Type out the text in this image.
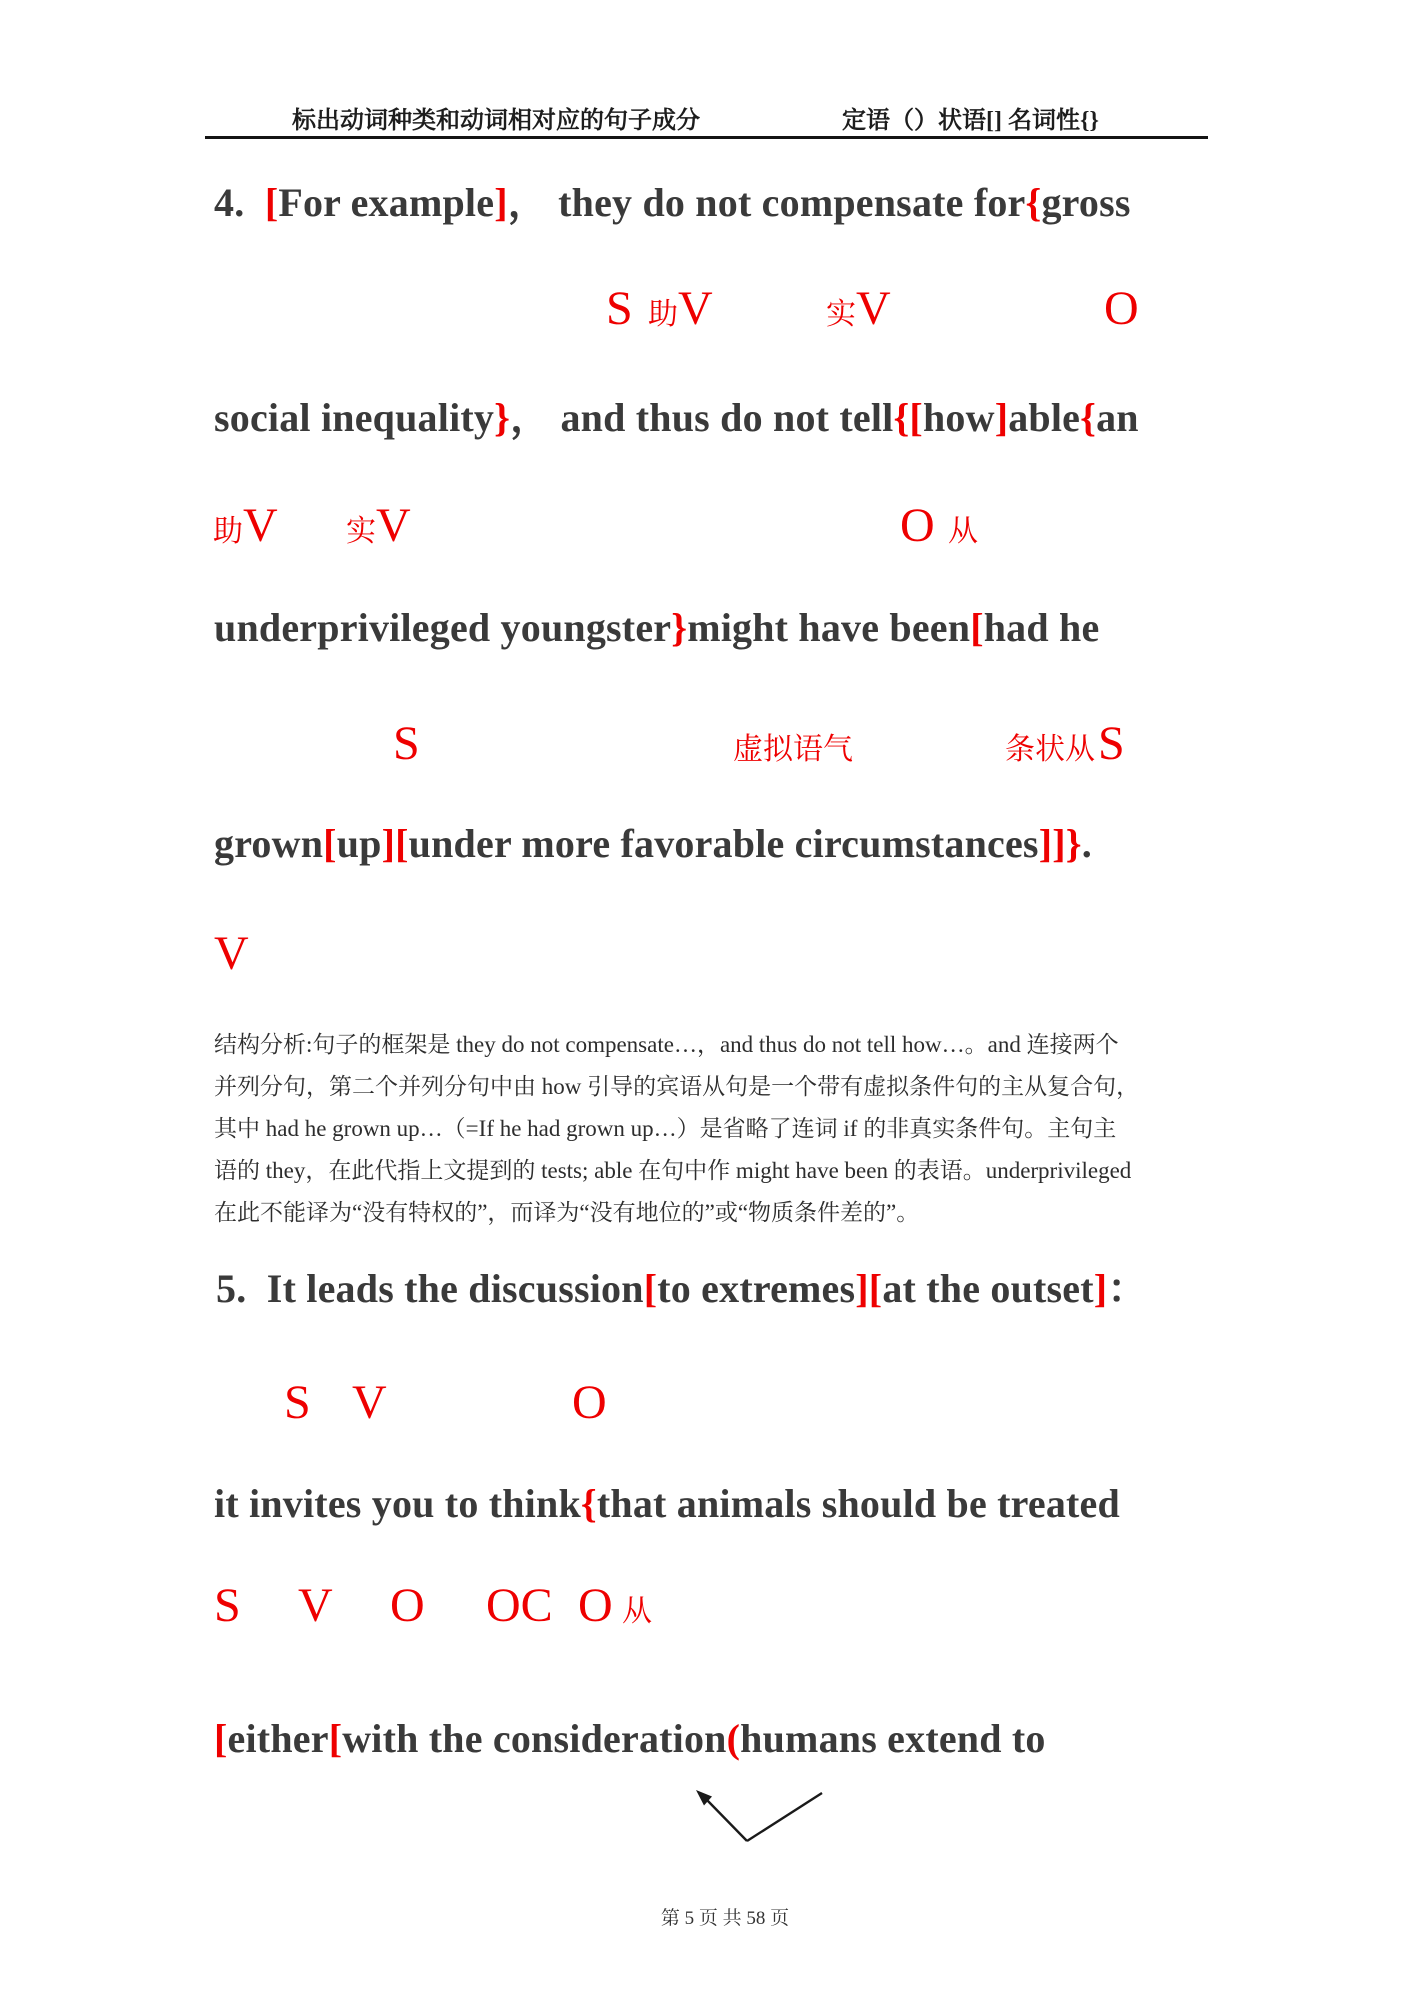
标出动词种类和动词相对应的句子成分	定语（）状语[] 名词性{}
4.  [For example]， they do not compensate for{gross
S 助V	实V	O
social inequality}， and thus do not tell{[how]able{an
助V 实V	O 从
underprivileged youngster}might have been[had he
S	虚拟语气	条状从 S
grown[up][under more favorable circumstances]]}.
V
结构分析:句子的框架是 they do not compensate…，and thus do not tell how…。and 连接两个
并列分句，第二个并列分句中由 how 引导的宾语从句是一个带有虚拟条件句的主从复合句，
其中 had he grown up…（=If he had grown up…）是省略了连词 if 的非真实条件句。主句主
语的 they，在此代指上文提到的 tests; able 在句中作 might have been 的表语。underprivileged
在此不能译为“没有特权的”，而译为“没有地位的”或“物质条件差的”。
5.  It leads the discussion[to extremes][at the outset]：
S V	O
it invites you to think{that animals should be treated
S V O OC O 从
[either[with the consideration(humans extend to
第 5 页 共 58 页
